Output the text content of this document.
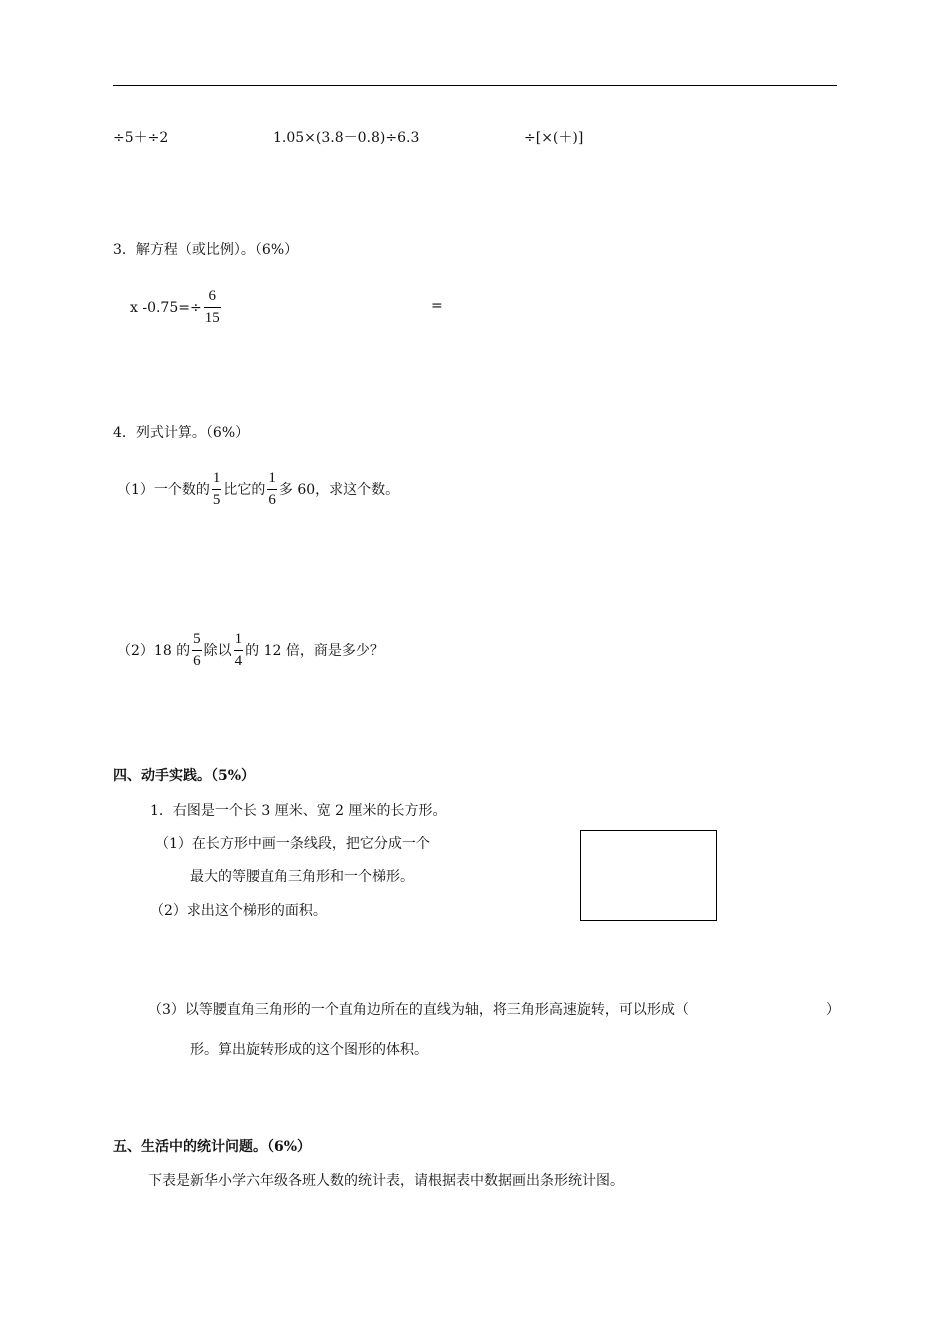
÷5＋÷2	1.05×(3.8－0.8)÷6.3	÷[×(＋)]
3．解方程（或比例）。（6%）
x $-0.75=\div \frac{6}{15}$	=
4．列式计算。（6%）
（1）一个数的 $\frac{1}{5}$ 比它的 $\frac{1}{6}$ 多 60，求这个数。
（2）18 的 $\frac{5}{6}$ 除以 $\frac{1}{4}$ 的 12 倍，商是多少？
四、动手实践。（5%）
1．右图是一个长 3 厘米、宽 2 厘米的长方形。
（1）在长方形中画一条线段，把它分成一个
最大的等腰直角三角形和一个梯形。
（2）求出这个梯形的面积。
（3）以等腰直角三角形的一个直角边所在的直线为轴，将三角形高速旋转，可以形成（	）
形。算出旋转形成的这个图形的体积。
五、生活中的统计问题。（6%）
下表是新华小学六年级各班人数的统计表，请根据表中数据画出条形统计图。
